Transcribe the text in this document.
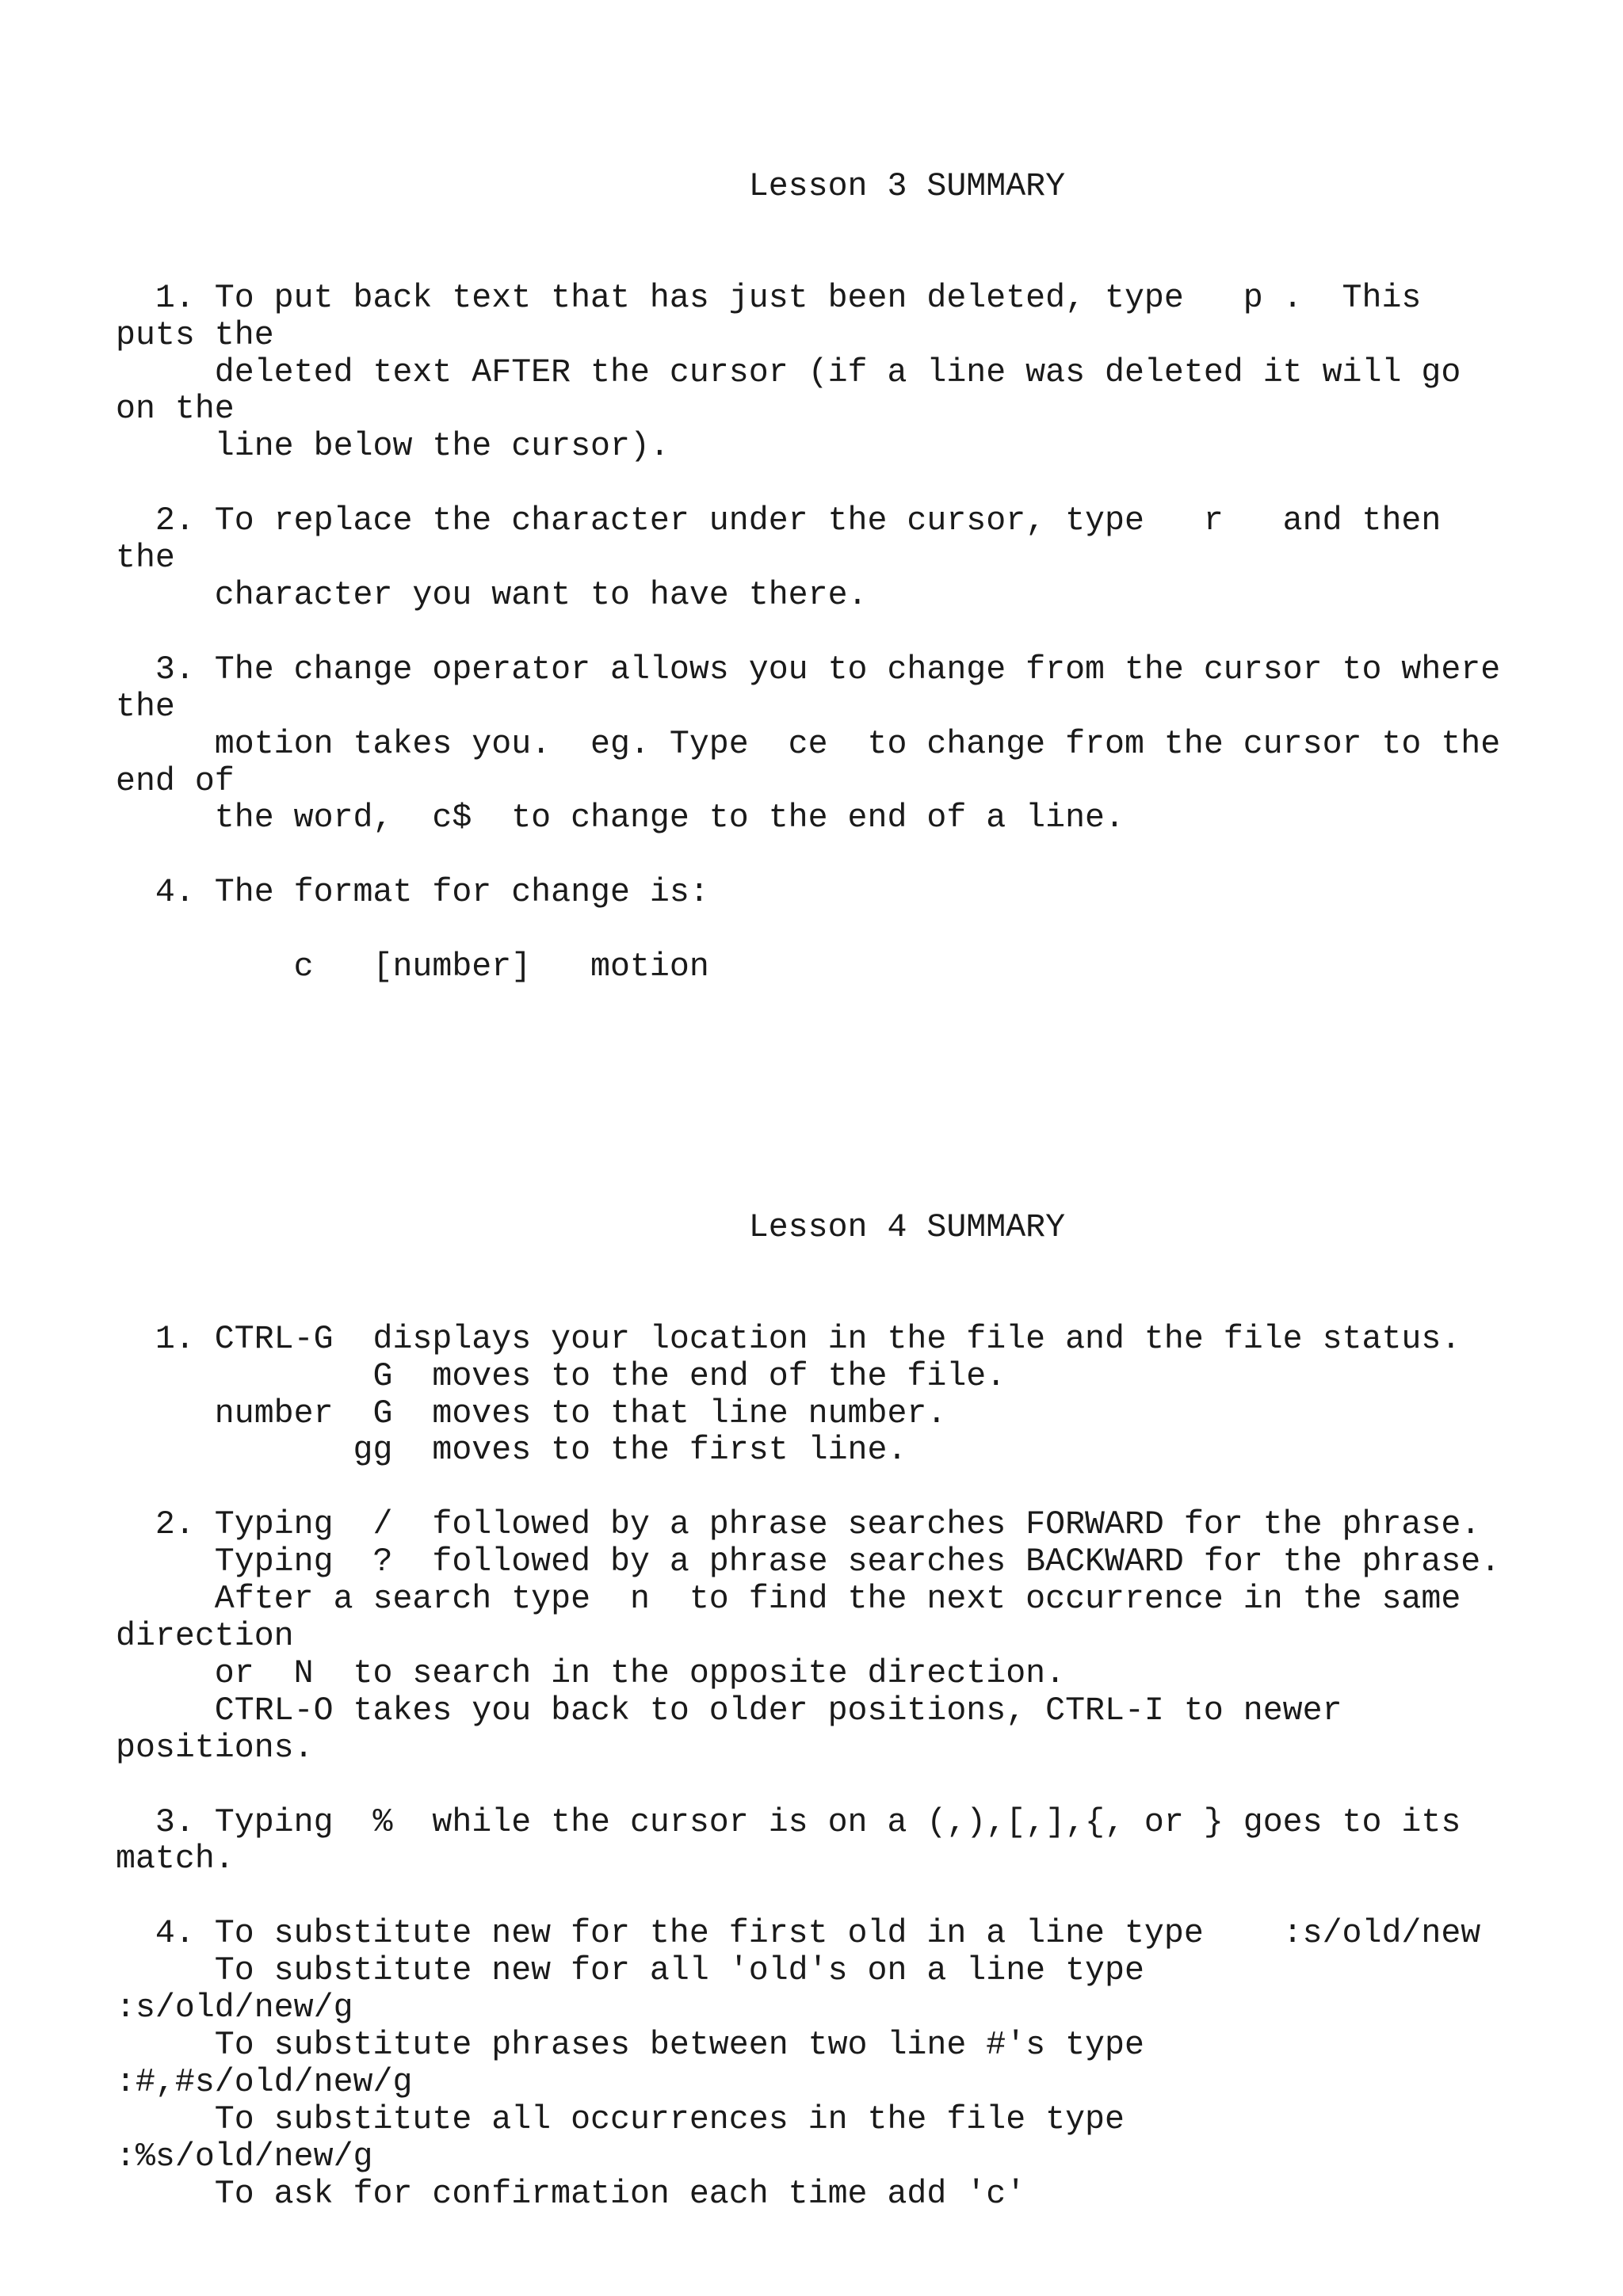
Lesson 3 SUMMARY

1. To put back text that has just been deleted, type   p .  This
puts the
deleted text AFTER the cursor (if a line was deleted it will go
on the
line below the cursor).

2. To replace the character under the cursor, type   r   and then
the
character you want to have there.

3. The change operator allows you to change from the cursor to where
the
motion takes you.  eg. Type  ce  to change from the cursor to the
end of
the word,  c$  to change to the end of a line.

4. The format for change is:

c   [number]   motion
Lesson 4 SUMMARY

1. CTRL-G  displays your location in the file and the file status.
G  moves to the end of the file.
number  G  moves to that line number.
gg  moves to the first line.

2. Typing  /  followed by a phrase searches FORWARD for the phrase.
Typing  ?  followed by a phrase searches BACKWARD for the phrase.
After a search type  n  to find the next occurrence in the same
direction
or  N  to search in the opposite direction.
CTRL-O takes you back to older positions, CTRL-I to newer
positions.

3. Typing  %  while the cursor is on a (,),[,],{, or } goes to its
match.

4. To substitute new for the first old in a line type    :s/old/new
To substitute new for all 'old's on a line type
:s/old/new/g
To substitute phrases between two line #'s type
:#,#s/old/new/g
To substitute all occurrences in the file type
:%s/old/new/g
To ask for confirmation each time add 'c'
